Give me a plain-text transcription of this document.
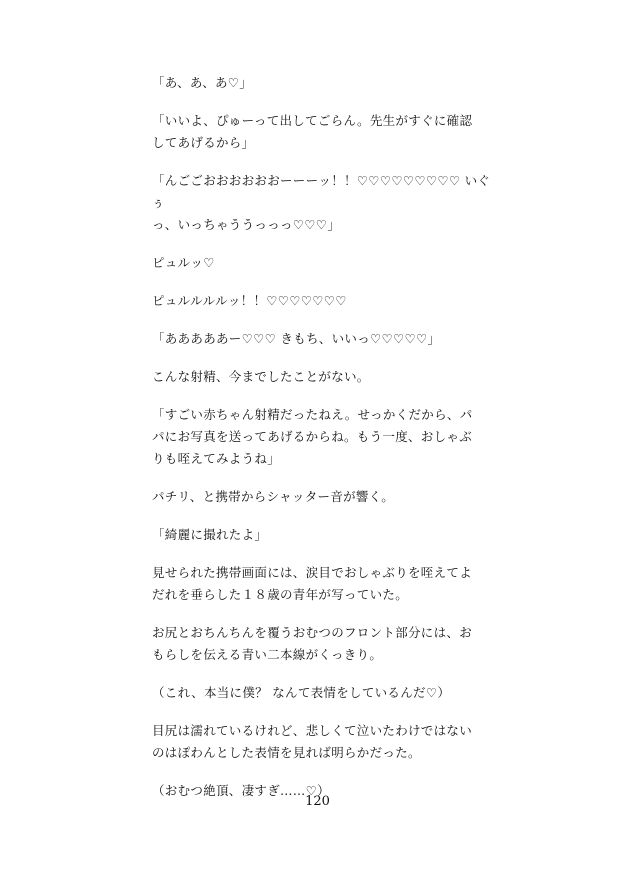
「あ、あ、あ♡」

「いいよ、ぴゅーって出してごらん。先生がすぐに確認
してあげるから」

「んごごおおおおおおーーーッ！！♡♡♡♡♡♡♡♡♡ いぐぅ
っ、いっちゃううっっっ♡♡♡」

ピュルッ♡

ピュルルルルッ！！♡♡♡♡♡♡♡

「あああああー♡♡♡ きもち、いいっ♡♡♡♡♡」

こんな射精、今までしたことがない。

「すごい赤ちゃん射精だったねえ。せっかくだから、パ
パにお写真を送ってあげるからね。もう一度、おしゃぶ
りも咥えてみようね」

パチリ、と携帯からシャッター音が響く。

「綺麗に撮れたよ」

見せられた携帯画面には、涙目でおしゃぶりを咥えてよ
だれを垂らした１８歳の青年が写っていた。

お尻とおちんちんを覆うおむつのフロント部分には、お
もらしを伝える青い二本線がくっきり。

（これ、本当に僕？ なんて表情をしているんだ♡）

目尻は濡れているけれど、悲しくて泣いたわけではない
のはぽわんとした表情を見れば明らかだった。

（おむつ絶頂、凄すぎ……♡）

120
